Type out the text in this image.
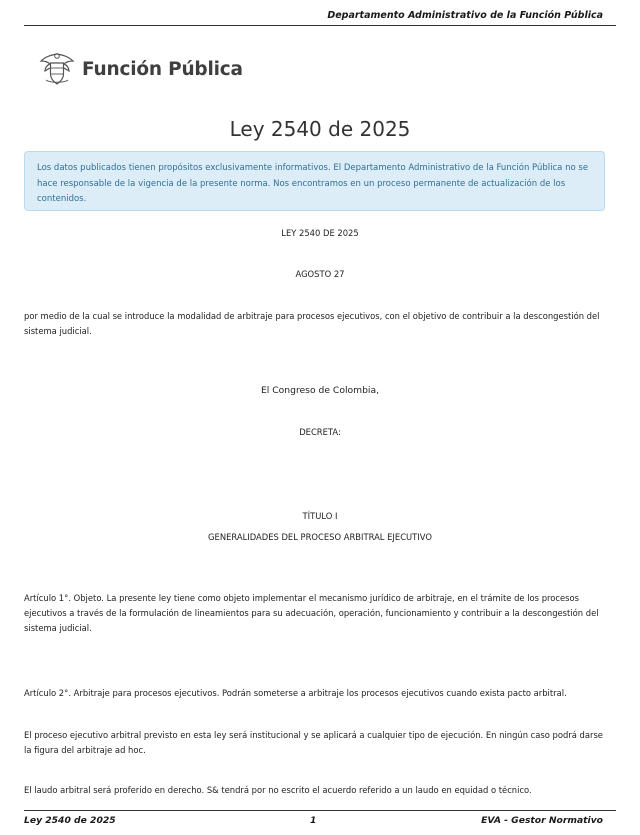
Departamento Administrativo de la Función Pública
Función Pública
Ley 2540 de 2025
Los datos publicados tienen propósitos exclusivamente informativos. El Departamento Administrativo de la Función Pública no se hace responsable de la vigencia de la presente norma. Nos encontramos en un proceso permanente de actualización de los contenidos.
LEY 2540 DE 2025
AGOSTO 27
por medio de la cual se introduce la modalidad de arbitraje para procesos ejecutivos, con el objetivo de contribuir a la descongestión del sistema judicial.
El Congreso de Colombia,
DECRETA:
TÍTULO I
GENERALIDADES DEL PROCESO ARBITRAL EJECUTIVO
Artículo 1°. Objeto. La presente ley tiene como objeto implementar el mecanismo jurídico de arbitraje, en el trámite de los procesos ejecutivos a través de la formulación de lineamientos para su adecuación, operación, funcionamiento y contribuir a la descongestión del sistema judicial.
Artículo 2°. Arbitraje para procesos ejecutivos. Podrán someterse a arbitraje los procesos ejecutivos cuando exista pacto arbitral.
El proceso ejecutivo arbitral previsto en esta ley será institucional y se aplicará a cualquier tipo de ejecución. En ningún caso podrá darse la figura del arbitraje ad hoc.
El laudo arbitral será proferido en derecho. S& tendrá por no escrito el acuerdo referido a un laudo en equidad o técnico.
Ley 2540 de 2025	1	EVA - Gestor Normativo
